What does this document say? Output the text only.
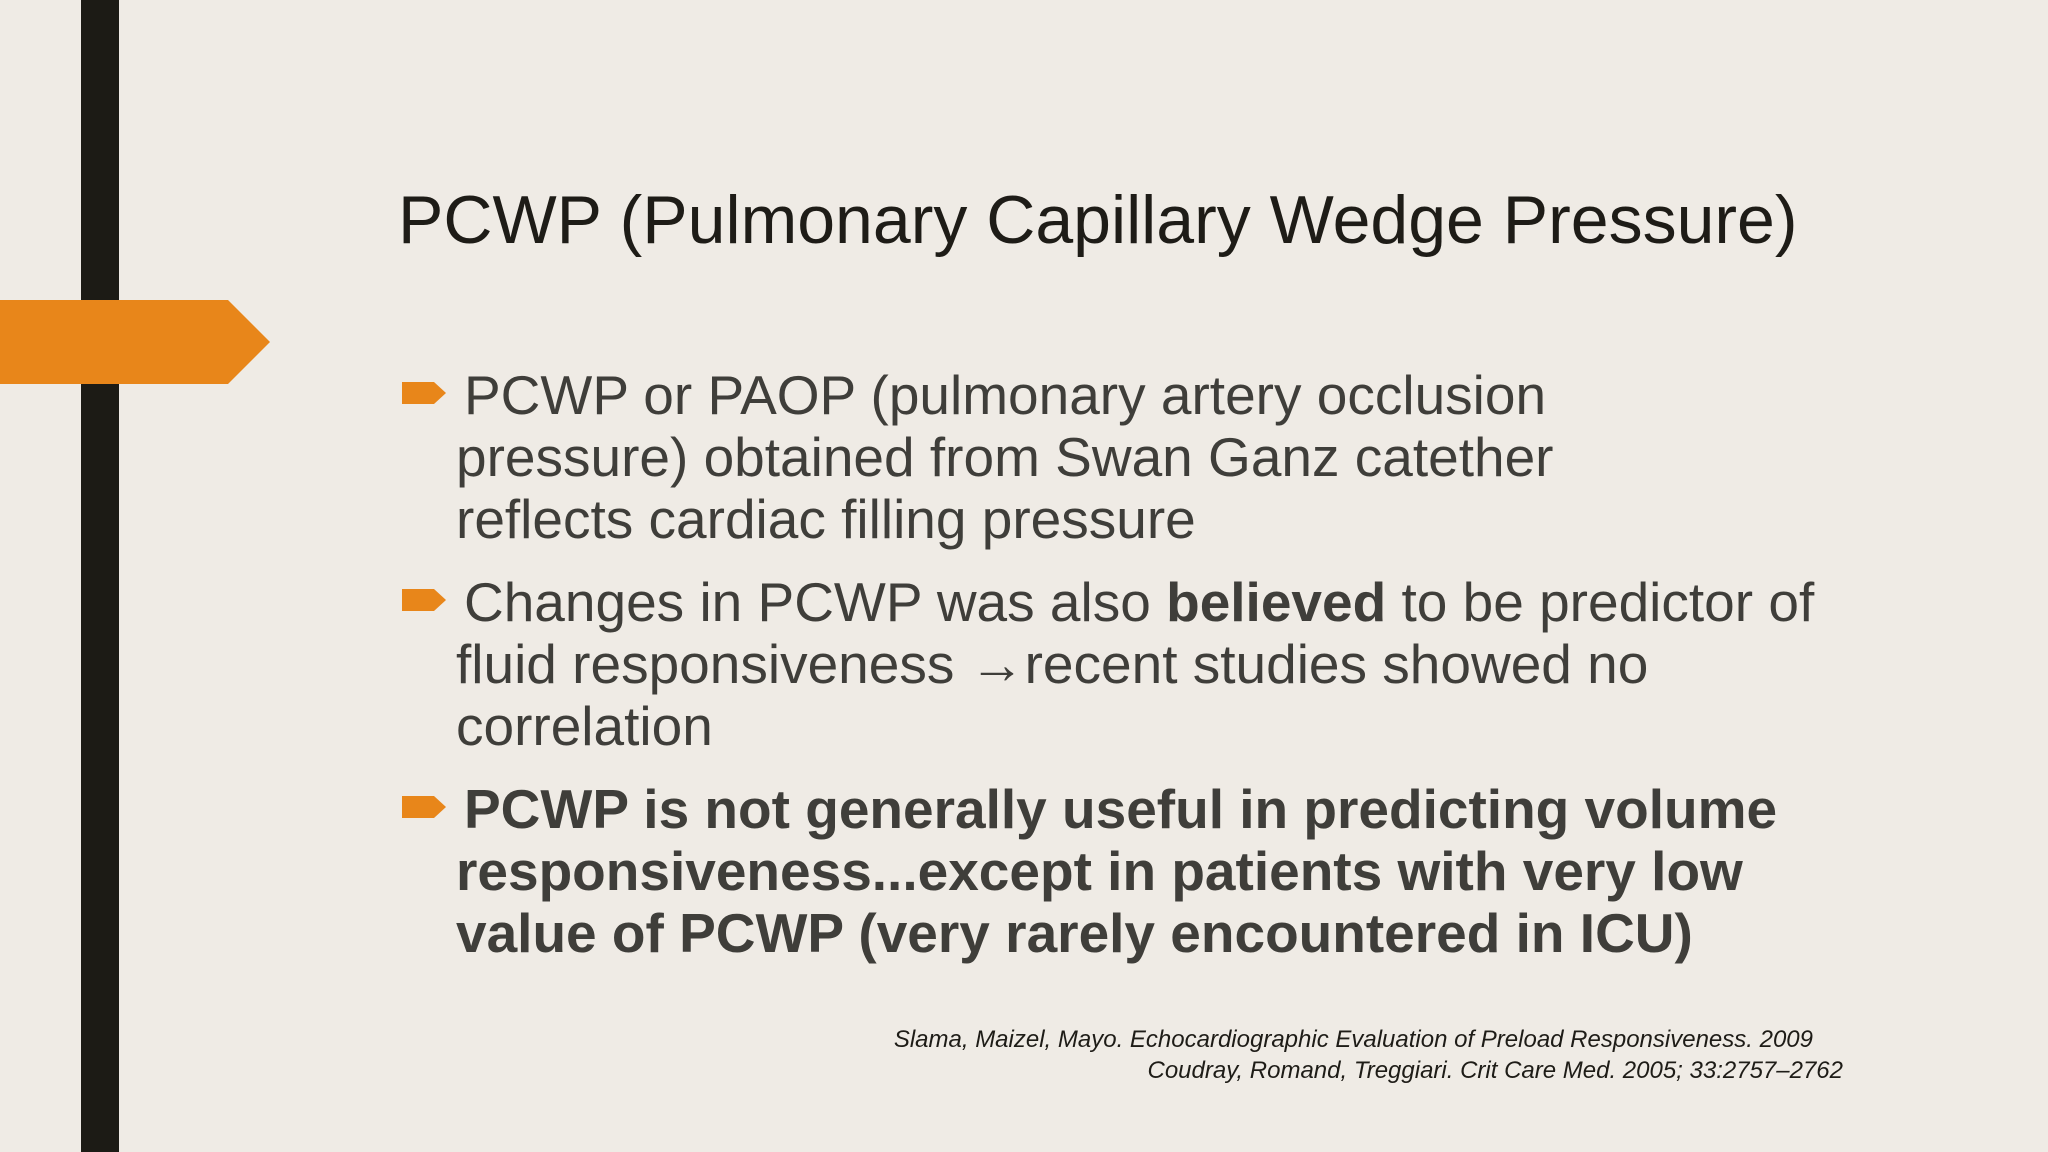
PCWP (Pulmonary Capillary Wedge Pressure)
PCWP or PAOP (pulmonary artery occlusion
pressure) obtained from Swan Ganz catether
reflects cardiac filling pressure
Changes in PCWP was also believed to be predictor of
fluid responsiveness →recent studies showed no
correlation
PCWP is not generally useful in predicting volume
responsiveness...except in patients with very low
value of PCWP (very rarely encountered in ICU)
Slama, Maizel, Mayo. Echocardiographic Evaluation of Preload Responsiveness. 2009
Coudray, Romand, Treggiari. Crit Care Med. 2005; 33:2757–2762
